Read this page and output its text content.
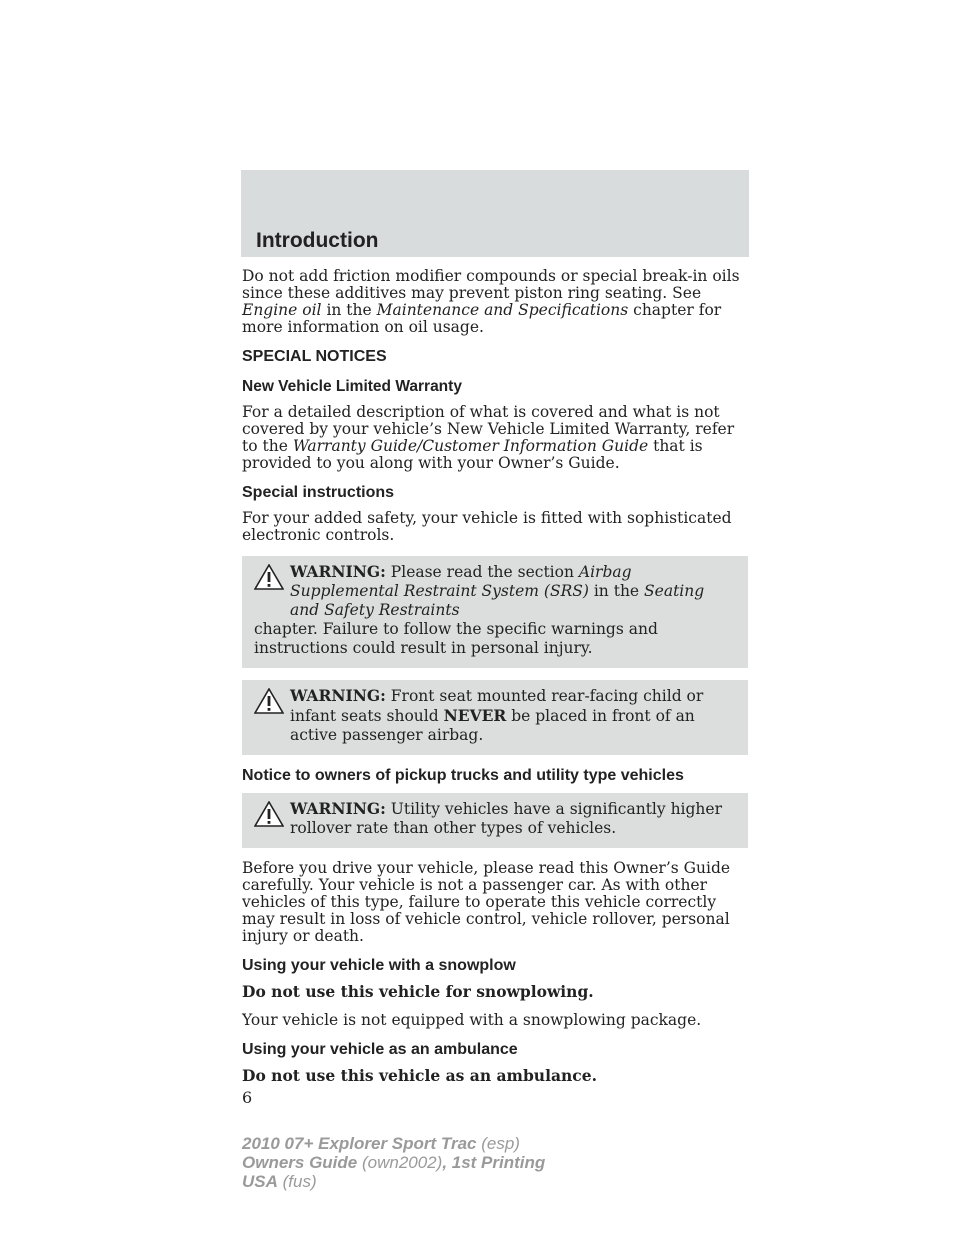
Introduction

Do not add friction modifier compounds or special break-in oils since these additives may prevent piston ring seating. See Engine oil in the Maintenance and Specifications chapter for more information on oil usage.

SPECIAL NOTICES
New Vehicle Limited Warranty

For a detailed description of what is covered and what is not covered by your vehicle’s New Vehicle Limited Warranty, refer to the Warranty Guide/Customer Information Guide that is provided to you along with your Owner’s Guide.

Special instructions

For your added safety, your vehicle is fitted with sophisticated electronic controls.

WARNING: Please read the section Airbag Supplemental Restraint System (SRS) in the Seating and Safety Restraints
chapter. Failure to follow the specific warnings and instructions could result in personal injury.
WARNING: Front seat mounted rear-facing child or infant seats should NEVER be placed in front of an active passenger airbag.
Notice to owners of pickup trucks and utility type vehicles
WARNING: Utility vehicles have a significantly higher rollover rate than other types of vehicles.

Before you drive your vehicle, please read this Owner’s Guide carefully. Your vehicle is not a passenger car. As with other vehicles of this type, failure to operate this vehicle correctly may result in loss of vehicle control, vehicle rollover, personal injury or death.

Using your vehicle with a snowplow

Do not use this vehicle for snowplowing.

Your vehicle is not equipped with a snowplowing package.

Using your vehicle as an ambulance

Do not use this vehicle as an ambulance.

6
2010 07+ Explorer Sport Trac (esp)
Owners Guide (own2002), 1st Printing
USA (fus)
